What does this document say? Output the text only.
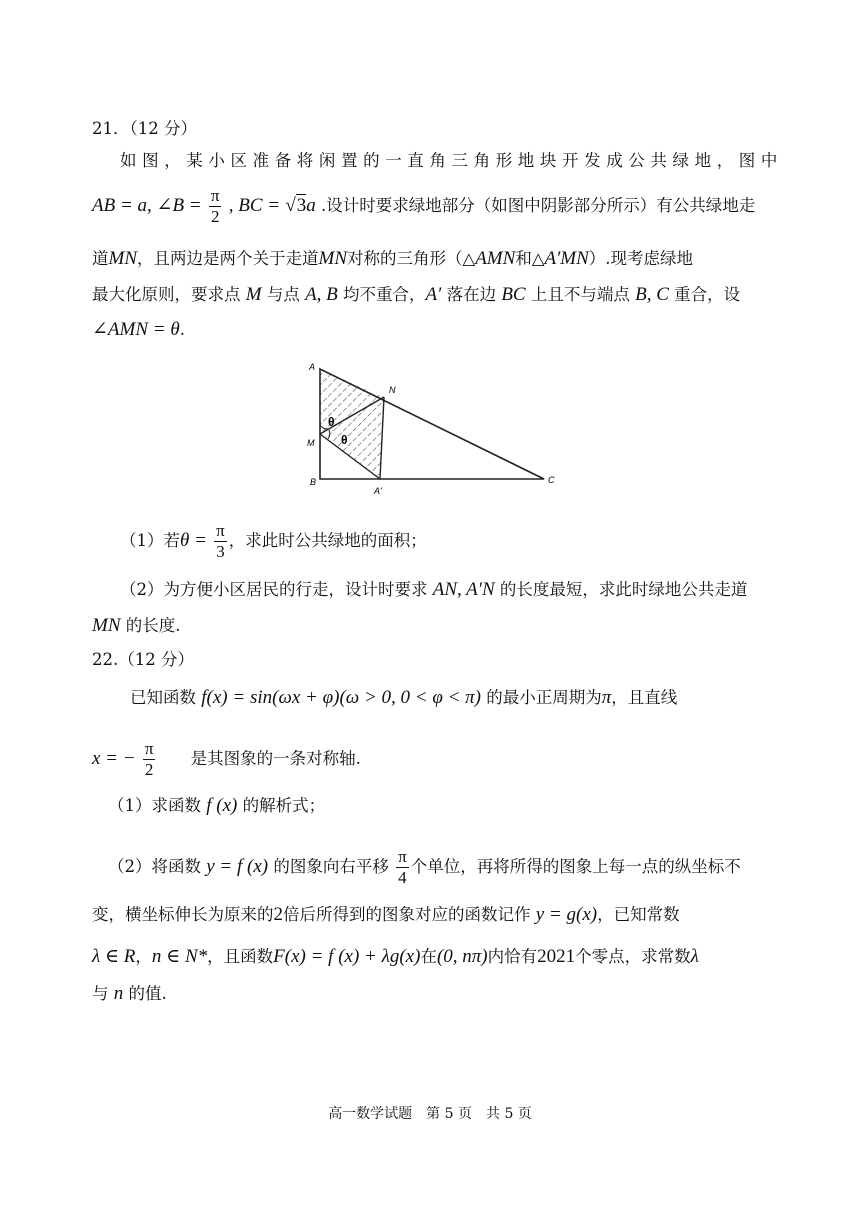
21．（12 分）
如图，某小区准备将闲置的一直角三角形地块开发成公共绿地，图中
AB = a, ∠B = $\frac{\pi}{2}$ , BC = √3a .设计时要求绿地部分（如图中阴影部分所示）有公共绿地走
道MN，且两边是两个关于走道MN对称的三角形（△AMN和△A′MN）.现考虑绿地
最大化原则，要求点 M 与点 A, B 均不重合，A′ 落在边 BC 上且不与端点 B, C 重合，设
∠AMN = θ.
A
N
M
B
A′
C
θ
θ
（1）若$\theta = \frac{\pi}{3}$ ，求此时公共绿地的面积；
（2）为方便小区居民的行走，设计时要求 AN, A′N 的长度最短，求此时绿地公共走道
MN 的长度.
22.（12 分）
已知函数 f(x) = sin(ωx + φ)(ω > 0, 0 < φ < π) 的最小正周期为π，且直线
x = − $\frac{\pi}{2}$ 是其图象的一条对称轴.
（1）求函数 f (x) 的解析式；
（2）将函数 y = f (x) 的图象向右平移 $\frac{\pi}{4}$ 个单位，再将所得的图象上每一点的纵坐标不
变，横坐标伸长为原来的2倍后所得到的图象对应的函数记作 y = g(x)，已知常数
λ ∈ R，n ∈ N*，且函数F(x) = f (x) + λg(x)在(0, nπ)内恰有2021个零点，求常数λ
与 n 的值.
高一数学试题　第 5 页　共 5 页
